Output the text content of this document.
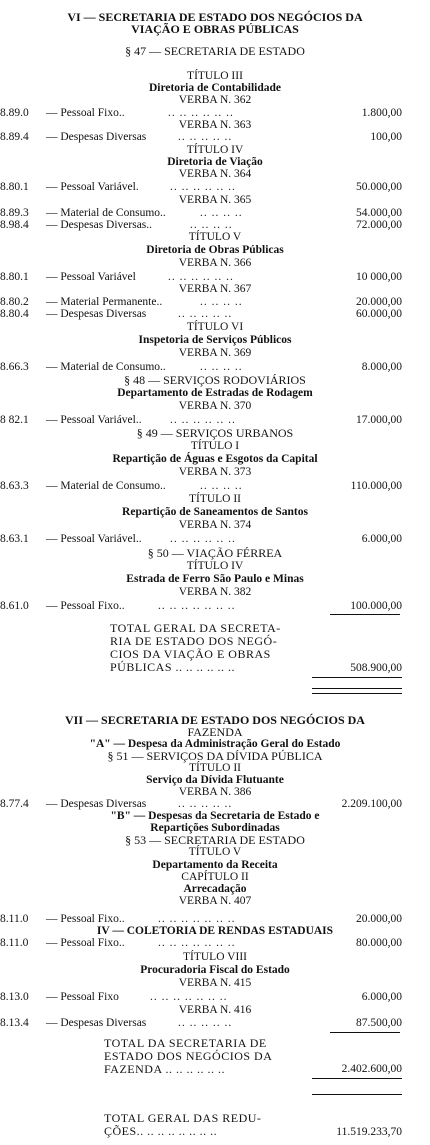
VI — SECRETARIA DE ESTADO DOS NEGÓCIOS DA
VIAÇÃO E OBRAS PÚBLICAS
§ 47 — SECRETARIA DE ESTADO
TÍTULO III
Diretoria de Contabilidade
VERBA N. 362
8.89.0 — Pessoal Fixo..	.. .. .. .. .. ..	1.800,00
VERBA N. 363
8.89.4 — Despesas Diversas	.. .. .. .. ..	100,00
TÍTULO IV
Diretoria de Viação
VERBA N. 364
8.80.1 — Pessoal Variável.	.. .. .. .. .. ..	50.000,00
VERBA N. 365
8.89.3 — Material de Consumo..	.. .. .. ..	54.000,00
8.98.4 — Despesas Diversas..	.. .. .. ..	72.000,00
TÍTULO V
Diretoria de Obras Públicas
VERBA N. 366
8.80.1 — Pessoal Variável	.. .. .. .. .. ..	10 000,00
VERBA N. 367
8.80.2 — Material Permanente..	.. .. .. ..	20.000,00
8.80.4 — Despesas Diversas	.. .. .. .. ..	60.000,00
TÍTULO VI
Inspetoria de Serviços Públicos
VERBA N. 369
8.66.3 — Material de Consumo..	.. .. .. ..	8.000,00
§ 48 — SERVIÇOS RODOVIÁRIOS
Departamento de Estradas de Rodagem
VERBA N. 370
8 82.1 — Pessoal Variável.. .. .. .. .. .. ..	17.000,00
§ 49 — SERVIÇOS URBANOS
TÍTULO I
Repartição de Águas e Esgotos da Capital
VERBA N. 373
8.63.3 — Material de Consumo..	.. .. .. ..	110.000,00
TÍTULO II
Repartição de Saneamentos de Santos
VERBA N. 374
8.63.1 — Pessoal Variável.. .. .. .. .. .. ..	6.000,00
§ 50 — VIAÇÃO FÉRREA
TÍTULO IV
Estrada de Ferro São Paulo e Minas
VERBA N. 382
8.61.0 — Pessoal Fixo..	.. .. .. .. .. .. ..	100.000,00
TOTAL GERAL DA SECRETA-
RIA DE ESTADO DOS NEGÓ-
CIOS DA VIAÇÃO E OBRAS
PÚBLICAS .. .. .. .. .. ..	508.900,00
VII — SECRETARIA DE ESTADO DOS NEGÓCIOS DA
FAZENDA
"A" — Despesa da Administração Geral do Estado
§ 51 — SERVIÇOS DA DÍVIDA PÚBLICA
TÍTULO II
Serviço da Dívida Flutuante
VERBA N. 386
8.77.4 — Despesas Diversas	.. .. .. .. ..	2.209.100,00
"B" — Despesas da Secretaria de Estado e
Repartições Subordinadas
§ 53 — SECRETARIA DE ESTADO
TÍTULO V
Departamento da Receita
CAPÍTULO II
Arrecadação
VERBA N. 407
8.11.0 — Pessoal Fixo..	.. .. .. .. .. .. ..	20.000,00
IV — COLETORIA DE RENDAS ESTADUAIS
8.11.0 — Pessoal Fixo..	.. .. .. .. .. .. ..	80.000,00
TÍTULO VIII
Procuradoria Fiscal do Estado
VERBA N. 415
8.13.0 — Pessoal Fixo	.. .. .. .. .. .. ..	6.000,00
VERBA N. 416
8.13.4 — Despesas Diversas	.. .. .. .. ..	87.500,00
TOTAL DA SECRETARIA DE
ESTADO DOS NEGÓCIOS DA
FAZENDA .. .. .. .. .. ..	2.402.600,00
TOTAL GERAL DAS REDU-
ÇÕES.. .. .. .. .. .. .. ..	11.519.233,70
